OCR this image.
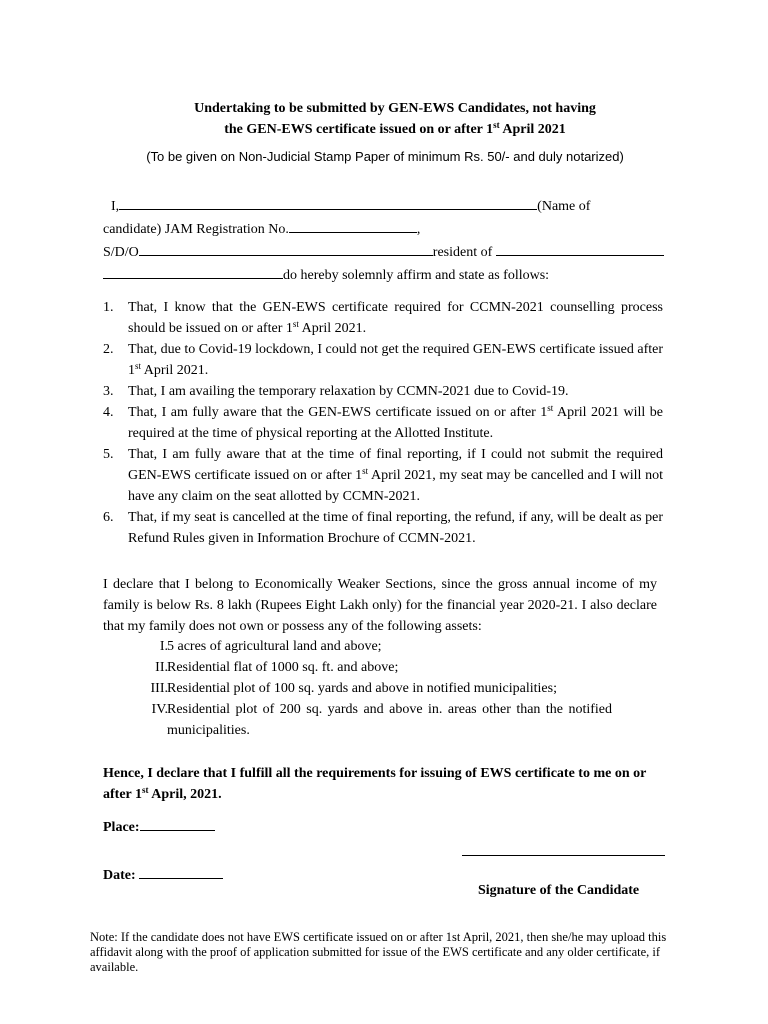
Undertaking to be submitted by GEN-EWS Candidates, not having
the GEN-EWS certificate issued on or after 1st April 2021
(To be given on Non-Judicial Stamp Paper of minimum Rs. 50/- and duly notarized)
I,	(Name of
candidate) JAM Registration No.	,
S/D/O	resident of
do hereby solemnly affirm and state as follows:
1. That, I know that the GEN-EWS certificate required for CCMN-2021 counselling process should be issued on or after 1st April 2021.
2. That, due to Covid-19 lockdown, I could not get the required GEN-EWS certificate issued after 1st April 2021.
3. That, I am availing the temporary relaxation by CCMN-2021 due to Covid-19.
4. That, I am fully aware that the GEN-EWS certificate issued on or after 1st April 2021 will be required at the time of physical reporting at the Allotted Institute.
5. That, I am fully aware that at the time of final reporting, if I could not submit the required GEN-EWS certificate issued on or after 1st April 2021, my seat may be cancelled and I will not have any claim on the seat allotted by CCMN-2021.
6. That, if my seat is cancelled at the time of final reporting, the refund, if any, will be dealt as per Refund Rules given in Information Brochure of CCMN-2021.
I declare that I belong to Economically Weaker Sections, since the gross annual income of my family is below Rs. 8 lakh (Rupees Eight Lakh only) for the financial year 2020-21. I also declare that my family does not own or possess any of the following assets:
I. 5 acres of agricultural land and above;
II. Residential flat of 1000 sq. ft. and above;
III. Residential plot of 100 sq. yards and above in notified municipalities;
IV. Residential plot of 200 sq. yards and above in. areas other than the notified municipalities.
Hence, I declare that I fulfill all the requirements for issuing of EWS certificate to me on or after 1st April, 2021.
Place:
Date:
Signature of the Candidate
Note: If the candidate does not have EWS certificate issued on or after 1st April, 2021, then she/he may upload this affidavit along with the proof of application submitted for issue of the EWS certificate and any older certificate, if available.
